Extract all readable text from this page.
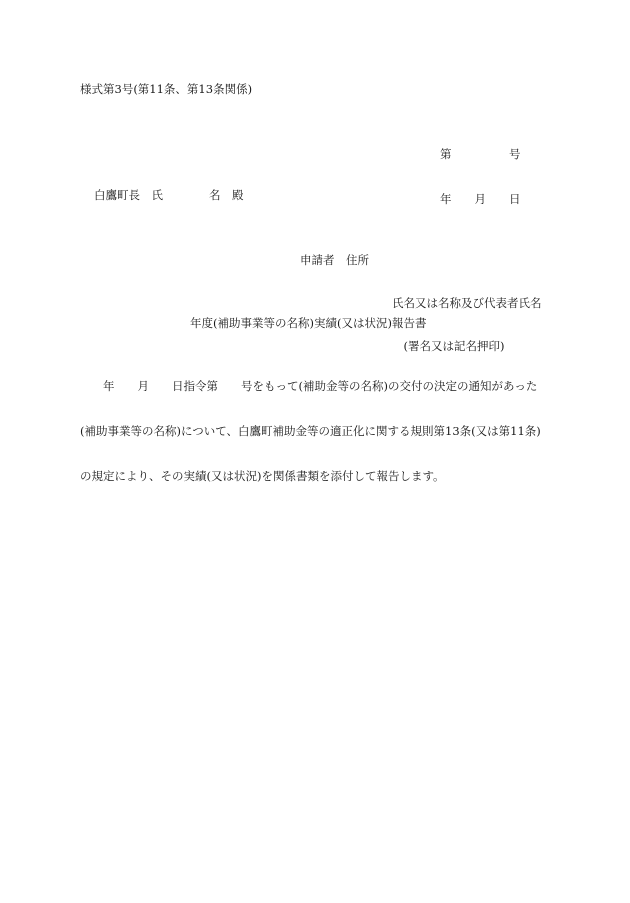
様式第3号(第11条、第13条関係)

第　　　　　号

年　　月　　日

白鷹町長　氏　　　　名　殿

申請者　住所

　　　　　　　　氏名又は名称及び代表者氏名

　　　　　　　　　(署名又は記名押印)

年度(補助事業等の名称)実績(又は状況)報告書

　　年　　月　　日指令第　　号をもって(補助金等の名称)の交付の決定の通知があった

(補助事業等の名称)について、白鷹町補助金等の適正化に関する規則第13条(又は第11条)

の規定により、その実績(又は状況)を関係書類を添付して報告します。
